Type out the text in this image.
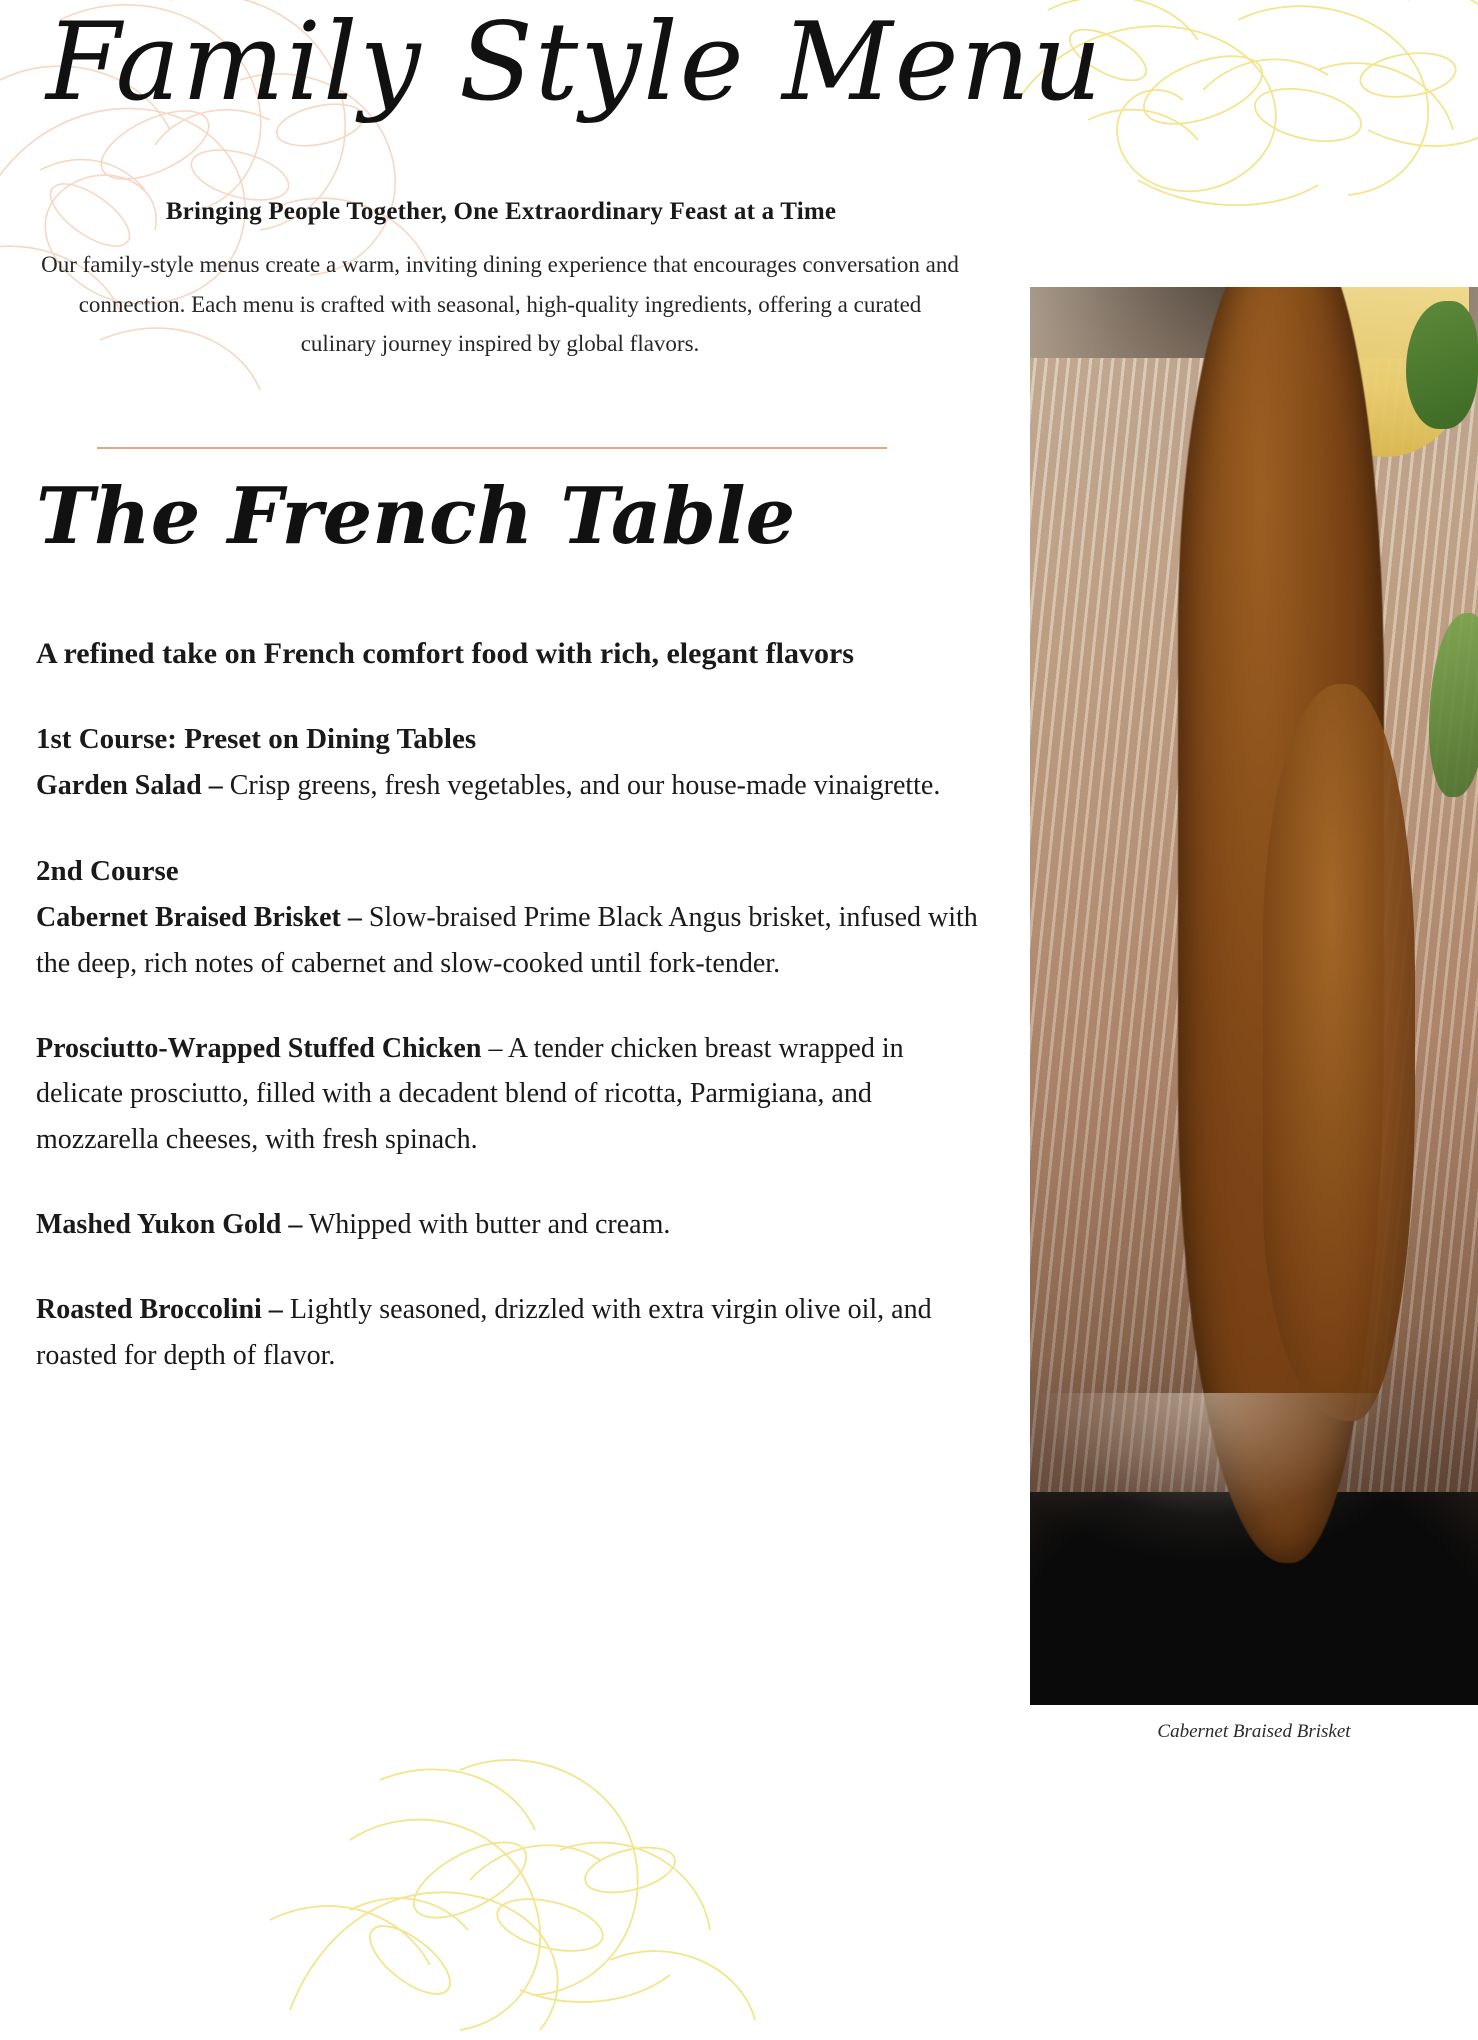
Family Style Menu
Bringing People Together, One Extraordinary Feast at a Time
Our family-style menus create a warm, inviting dining experience that encourages conversation and connection. Each menu is crafted with seasonal, high-quality ingredients, offering a curated culinary journey inspired by global flavors.
The French Table

A refined take on French comfort food with rich, elegant flavors

1st Course: Preset on Dining Tables

Garden Salad – Crisp greens, fresh vegetables, and our house-made vinaigrette.

2nd Course

Cabernet Braised Brisket – Slow-braised Prime Black Angus brisket, infused with the deep, rich notes of cabernet and slow-cooked until fork-tender.

Prosciutto-Wrapped Stuffed Chicken – A tender chicken breast wrapped in delicate prosciutto, filled with a decadent blend of ricotta, Parmigiana, and mozzarella cheeses, with fresh spinach.

Mashed Yukon Gold – Whipped with butter and cream.

Roasted Broccolini – Lightly seasoned, drizzled with extra virgin olive oil, and roasted for depth of flavor.

Cabernet Braised Brisket
